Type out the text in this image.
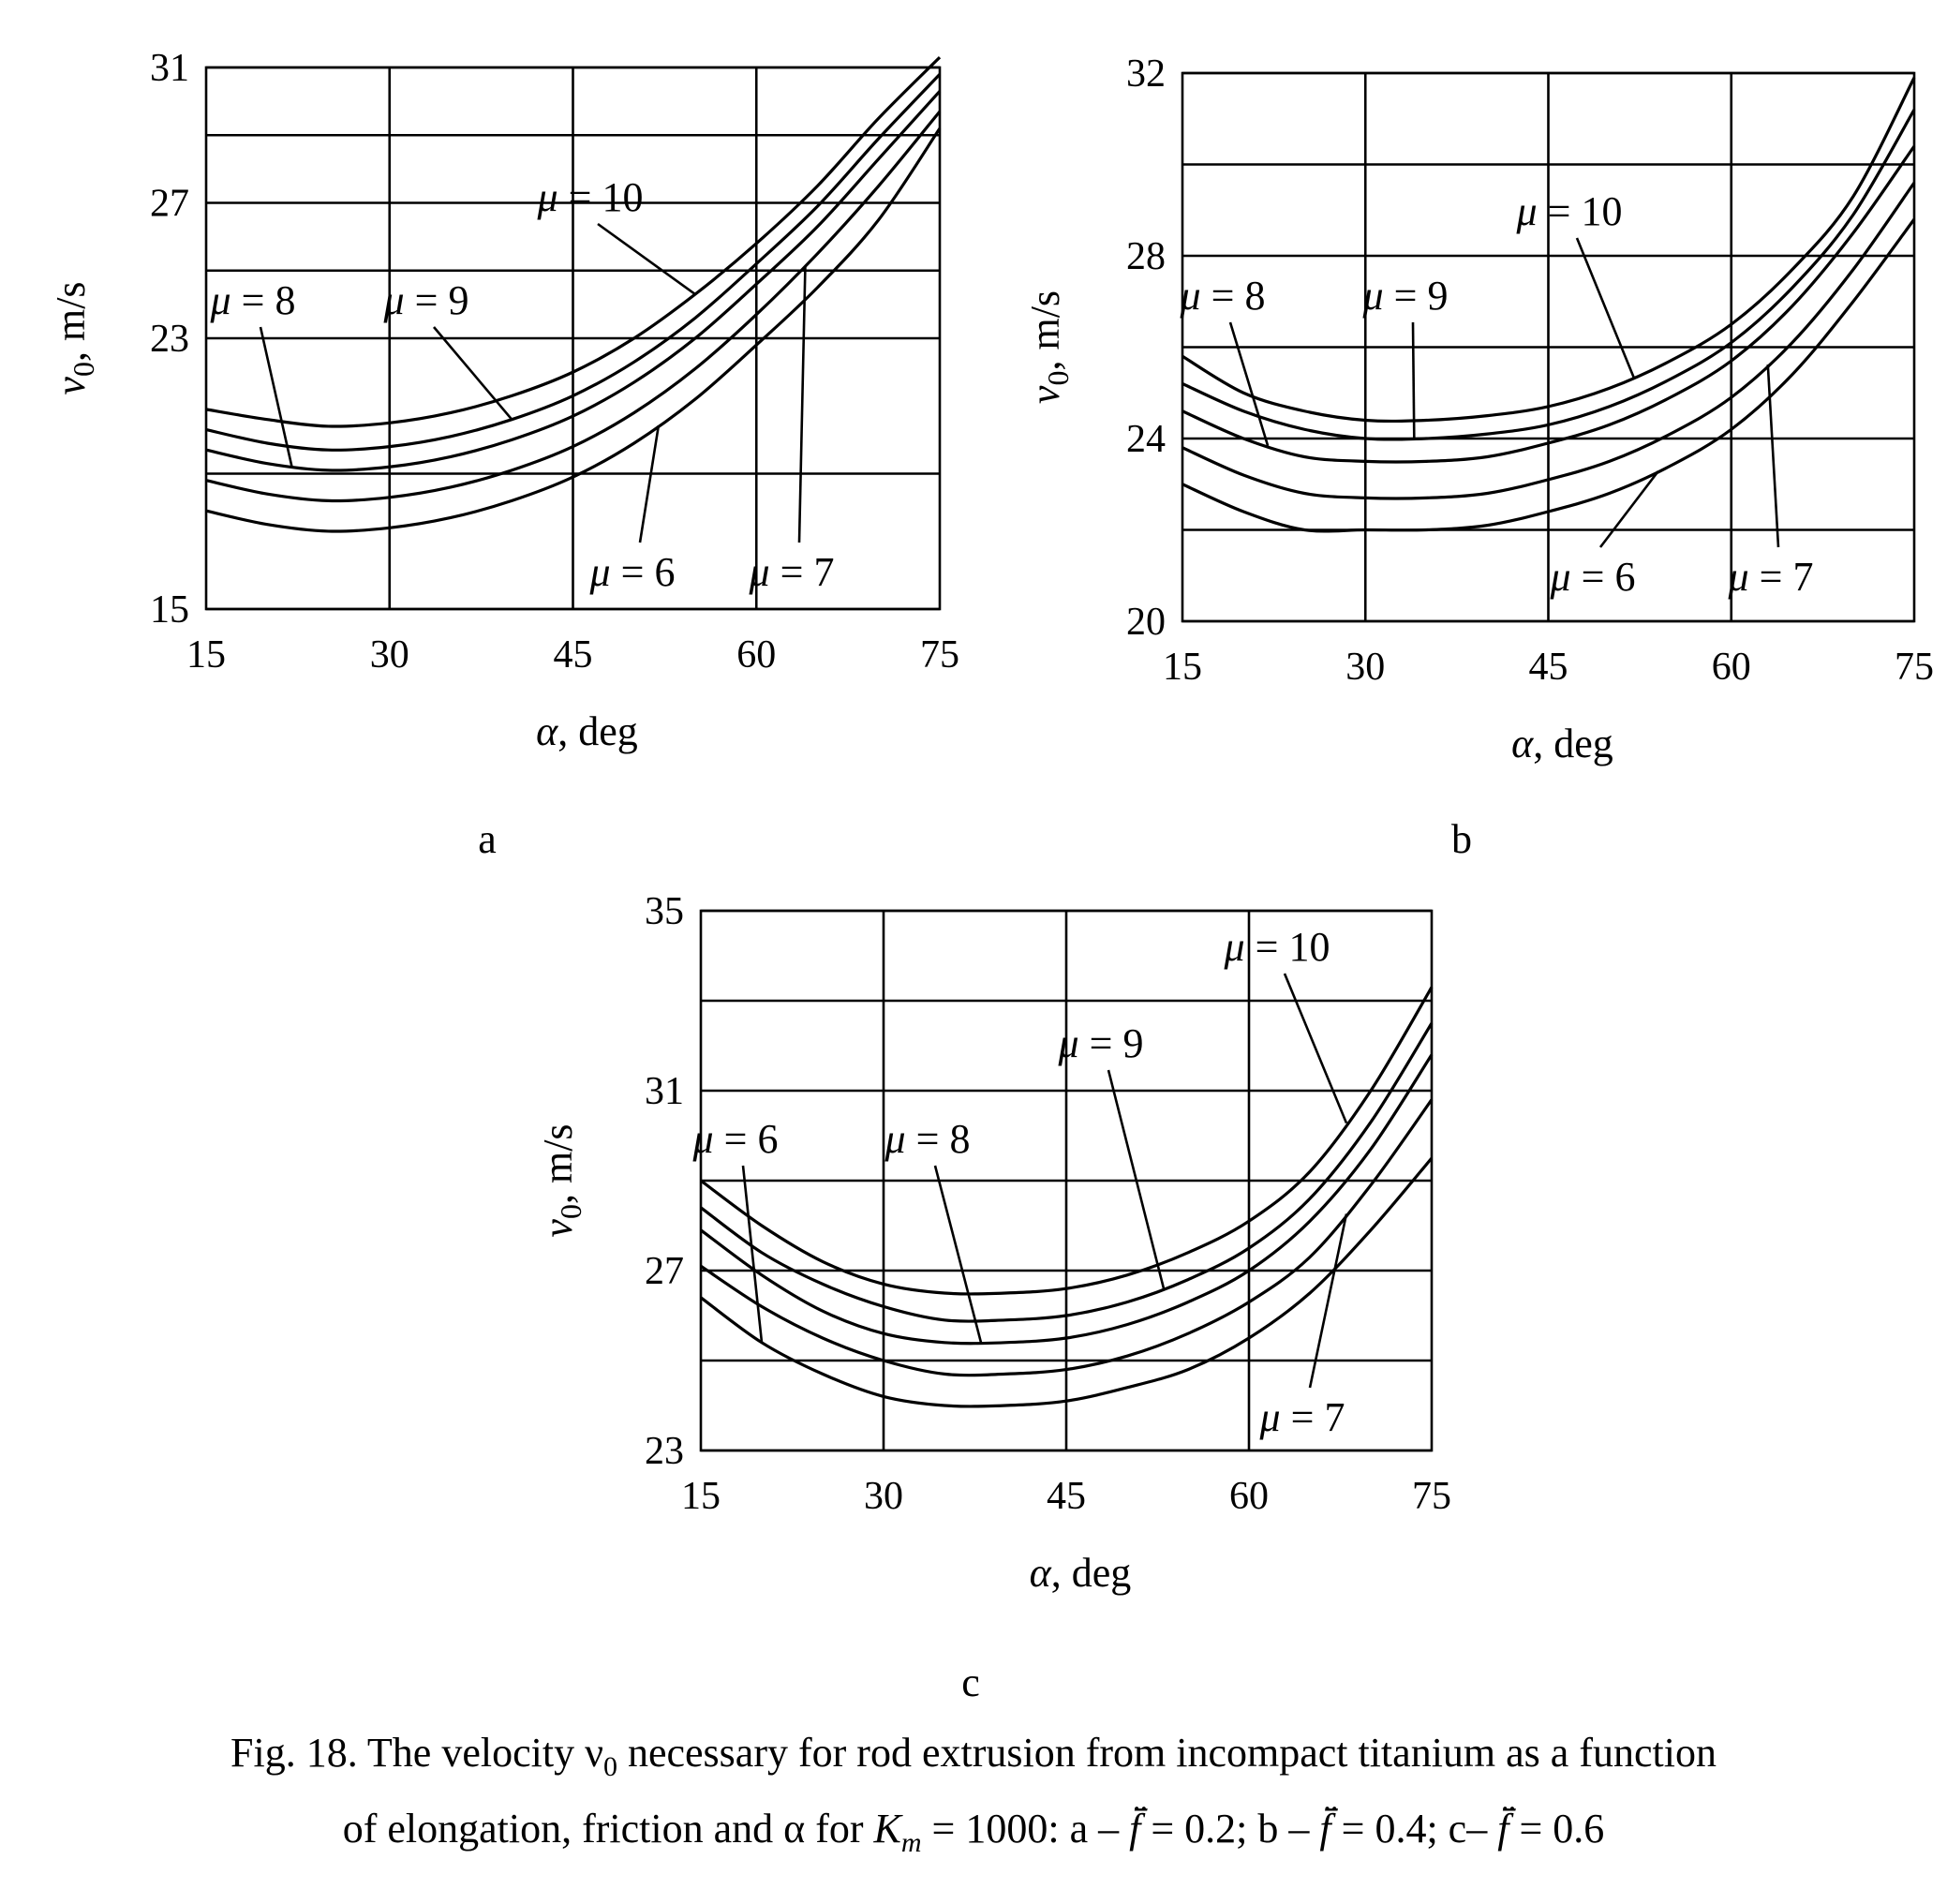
15	30	45	60	75
15
23
27
31
α, deg
$v_0$, m/s	μ = 8 μ = 9
μ = 10
μ = 6 μ = 7
a
15	30	45	60	75
20
24
28
32
α, deg
$v_0$, m/s	μ = 8 μ = 9
μ = 10
μ = 6 μ = 7
b
15	30	45	60	75
23
27
31
35
α, deg
$v_0$, m/s	μ = 6	μ = 8
μ = 9
μ = 10
μ = 7
c
Fig. 18. The velocity $\nu_0$ necessary for rod extrusion from incompact titanium as a function
of elongation, friction and α for $K_m = 1000$: a – f̄̈ = 0.2; b – f̄̈ = 0.4; c– f̄̈ = 0.6
